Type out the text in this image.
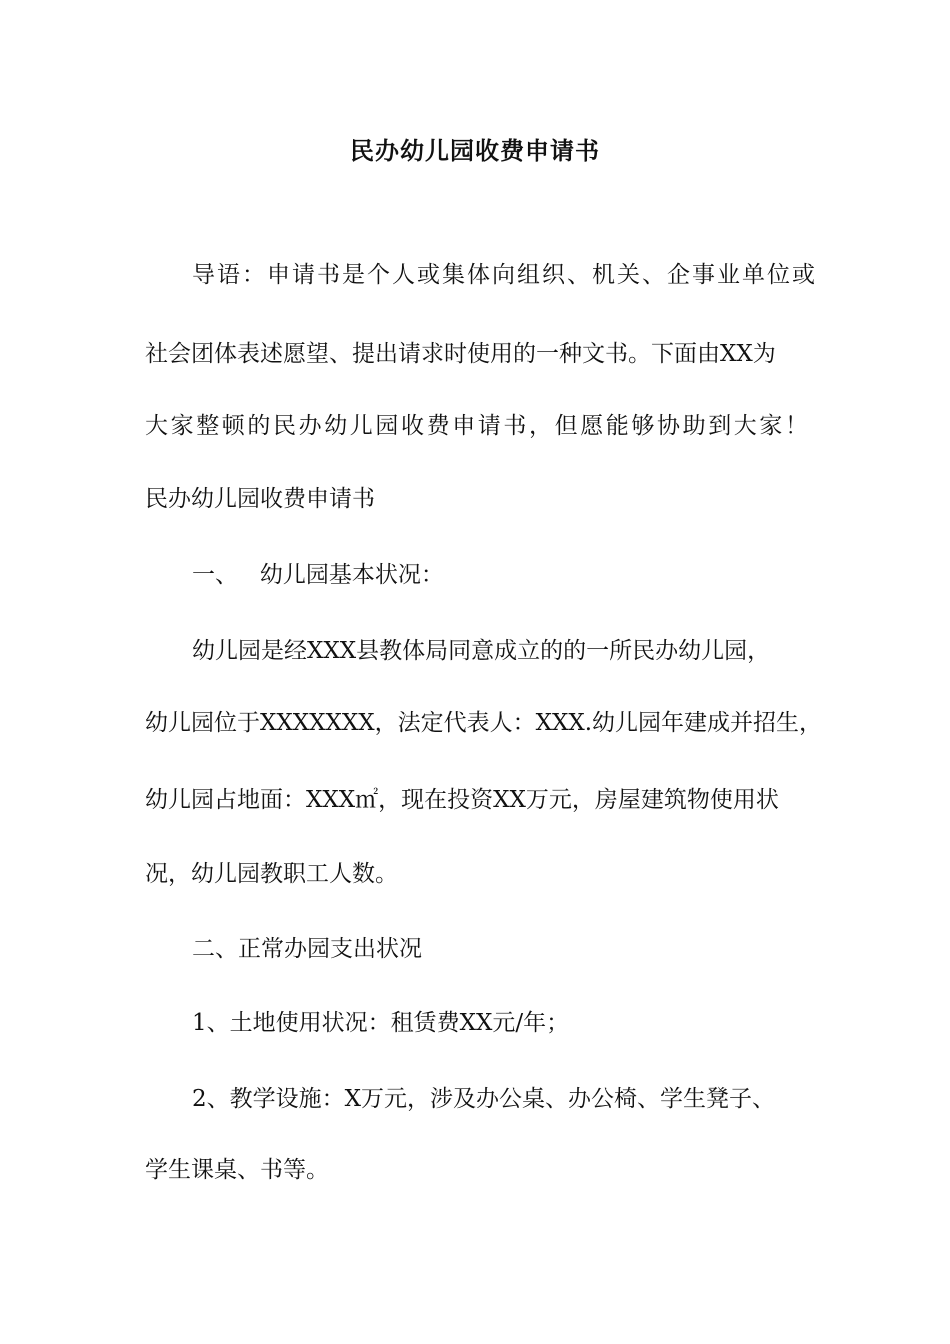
民办幼儿园收费申请书
导语：申请书是个人或集体向组织、机关、企事业单位或
社会团体表述愿望、提出请求时使用的一种文书。下面由XX为
大家整顿的民办幼儿园收费申请书，但愿能够协助到大家！
民办幼儿园收费申请书
一、   幼儿园基本状况：
幼儿园是经XXX县教体局同意成立的的一所民办幼儿园，
幼儿园位于XXXXXXX，法定代表人：XXX.幼儿园年建成并招生，
幼儿园占地面：XXX㎡，现在投资XX万元，房屋建筑物使用状
况，幼儿园教职工人数。
二、正常办园支出状况
1、土地使用状况：租赁费XX元/年；
2、教学设施：X万元，涉及办公桌、办公椅、学生凳子、
学生课桌、书等。
